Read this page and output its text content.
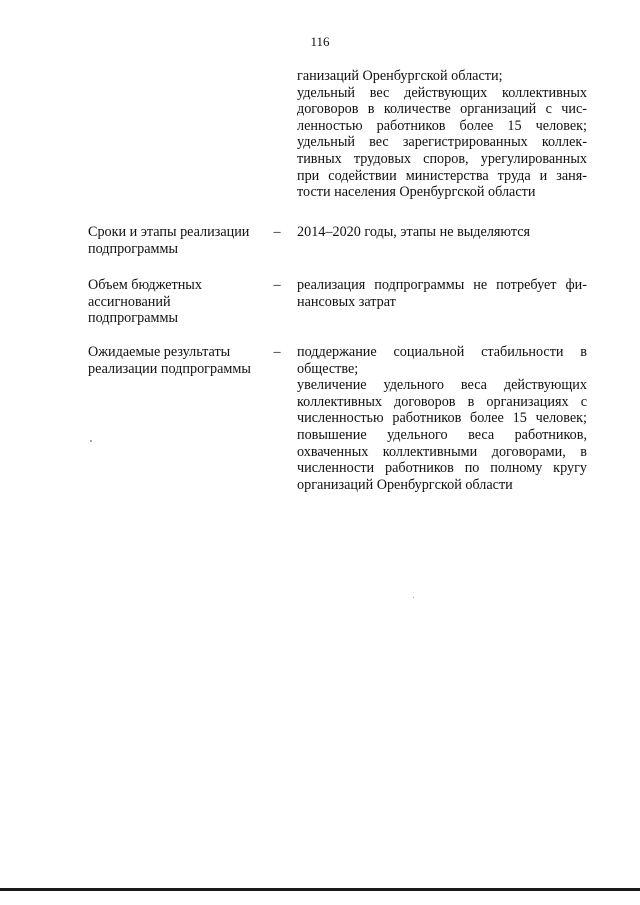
116
ганизаций Оренбургской области;
удельный вес действующих коллективных
договоров в количестве организаций с чис-
ленностью работников более 15 человек;
удельный вес зарегистрированных коллек-
тивных трудовых споров, урегулированных
при содействии министерства труда и заня-
тости населения Оренбургской области
Сроки и этапы реализации
подпрограммы
– 2014–2020 годы, этапы не выделяются
Объем бюджетных
ассигнований
подпрограммы
– реализация подпрограммы не потребует фи-
нансовых затрат
Ожидаемые результаты
реализации подпрограммы
– поддержание социальной стабильности в
обществе;
увеличение удельного веса действующих
коллективных договоров в организациях с
численностью работников более 15 человек;
повышение удельного веса работников,
охваченных коллективными договорами, в
численности работников по полному кругу
организаций Оренбургской области
